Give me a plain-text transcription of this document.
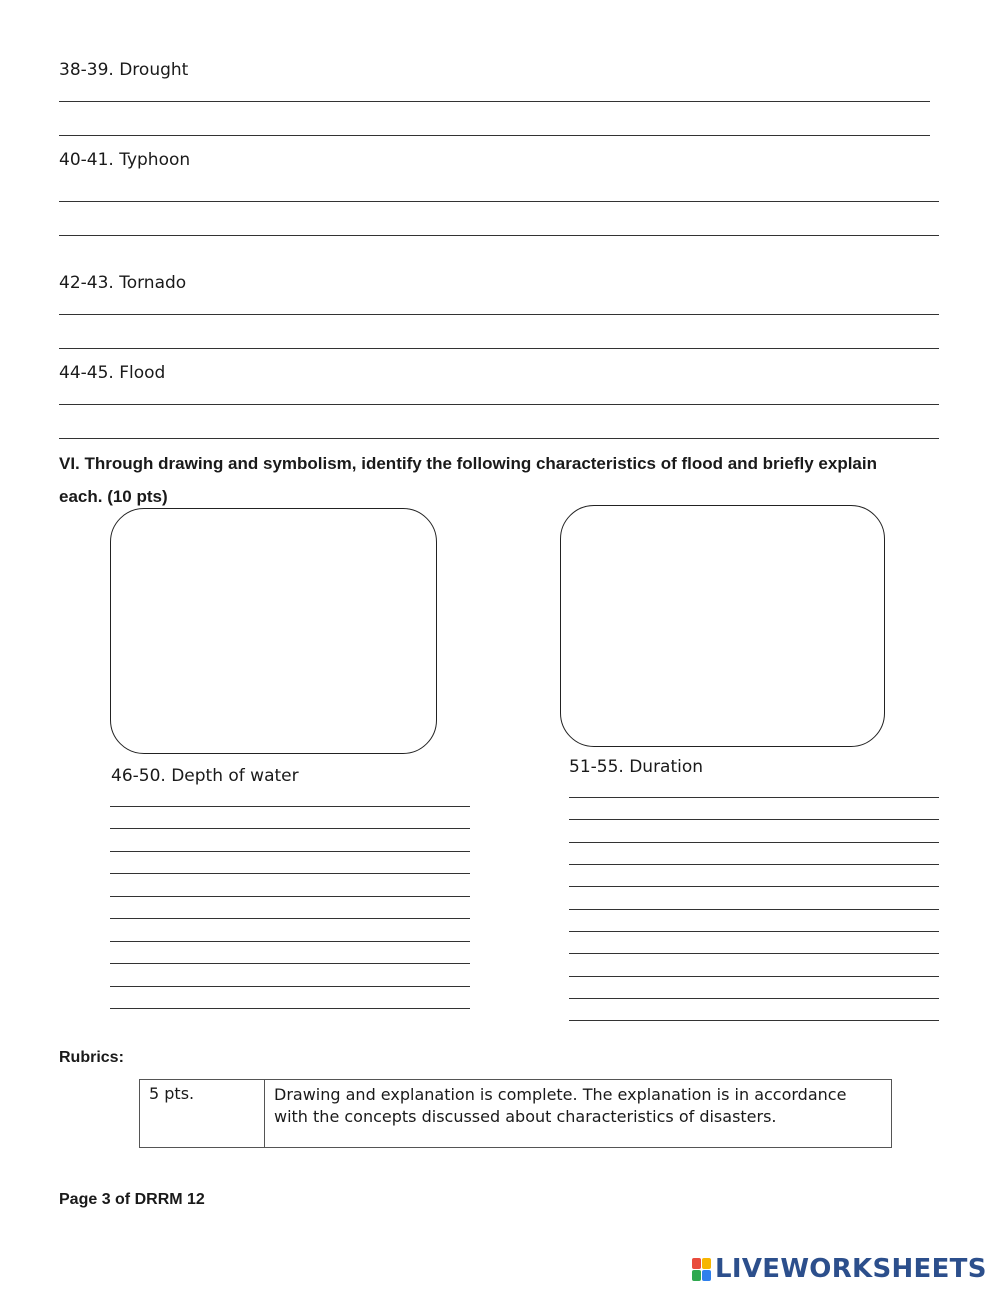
38-39. Drought
40-41. Typhoon
42-43. Tornado
44-45. Flood
VI. Through drawing and symbolism, identify the following characteristics of flood and briefly explain
each. (10 pts)
46-50. Depth of water	51-55. Duration
Rubrics:
5 pts.	Drawing and explanation is complete. The explanation is in accordance with the concepts discussed about characteristics of disasters.
Page 3 of DRRM 12
LIVEWORKSHEETS
